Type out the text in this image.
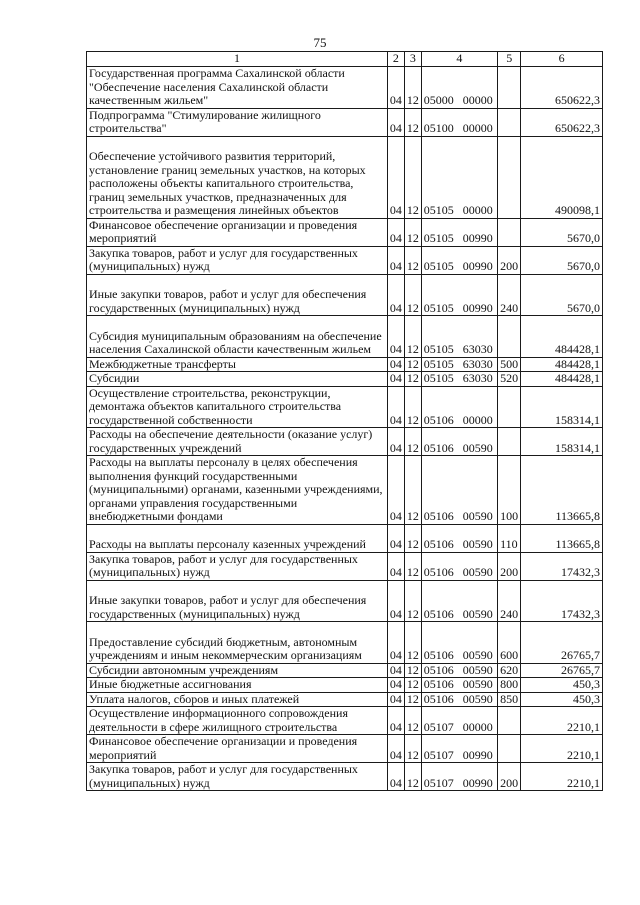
75
1	2	3	4	5	6
Государственная программа Сахалинской области "Обеспечение населения Сахалинской области качественным жильем"	04	12	05000 00000		650622,3
Подпрограмма "Стимулирование жилищного строительства"	04	12	05100 00000		650622,3
Обеспечение устойчивого развития территорий, установление границ земельных участков, на которых расположены объекты капитального строительства, границ земельных участков, предназначенных для строительства и размещения линейных объектов	04	12	05105 00000		490098,1
Финансовое обеспечение организации и проведения мероприятий	04	12	05105 00990		5670,0
Закупка товаров, работ и услуг для государственных (муниципальных) нужд	04	12	05105 00990	200	5670,0
Иные закупки товаров, работ и услуг для обеспечения государственных (муниципальных) нужд	04	12	05105 00990	240	5670,0
Субсидия муниципальным образованиям на обеспечение населения Сахалинской области качественным жильем	04	12	05105 63030		484428,1
Межбюджетные трансферты	04	12	05105 63030	500	484428,1
Субсидии	04	12	05105 63030	520	484428,1
Осуществление строительства, реконструкции, демонтажа объектов капитального строительства государственной собственности	04	12	05106 00000		158314,1
Расходы на обеспечение деятельности (оказание услуг) государственных учреждений	04	12	05106 00590		158314,1
Расходы на выплаты персоналу в целях обеспечения выполнения функций государственными (муниципальными) органами, казенными учреждениями, органами управления государственными внебюджетными фондами	04	12	05106 00590	100	113665,8
Расходы на выплаты персоналу казенных учреждений	04	12	05106 00590	110	113665,8
Закупка товаров, работ и услуг для государственных (муниципальных) нужд	04	12	05106 00590	200	17432,3
Иные закупки товаров, работ и услуг для обеспечения государственных (муниципальных) нужд	04	12	05106 00590	240	17432,3
Предоставление субсидий бюджетным, автономным учреждениям и иным некоммерческим организациям	04	12	05106 00590	600	26765,7
Субсидии автономным учреждениям	04	12	05106 00590	620	26765,7
Иные бюджетные ассигнования	04	12	05106 00590	800	450,3
Уплата налогов, сборов и иных платежей	04	12	05106 00590	850	450,3
Осуществление информационного сопровождения деятельности в сфере жилищного строительства	04	12	05107 00000		2210,1
Финансовое обеспечение организации и проведения мероприятий	04	12	05107 00990		2210,1
Закупка товаров, работ и услуг для государственных (муниципальных) нужд	04	12	05107 00990	200	2210,1
